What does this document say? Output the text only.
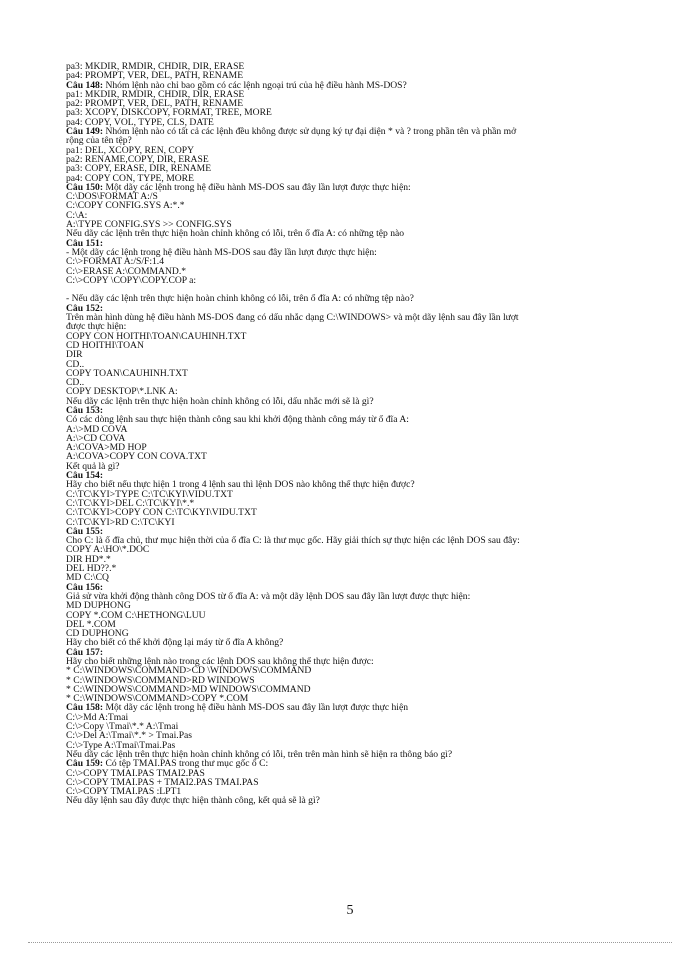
pa3: MKDIR, RMDIR, CHDIR, DIR, ERASE
pa4: PROMPT, VER, DEL, PATH, RENAME
Câu 148: Nhóm lệnh nào chỉ bao gồm có các lệnh ngoại trú của hệ điều hành MS-DOS?
pa1: MKDIR, RMDIR, CHDIR, DIR, ERASE
pa2: PROMPT, VER, DEL, PATH, RENAME
pa3: XCOPY, DISKCOPY, FORMAT, TREE, MORE
pa4: COPY, VOL, TYPE, CLS, DATE
Câu 149: Nhóm lệnh nào có tất cả các lệnh đều không được sử dụng ký tự đại diện * và ? trong phần tên và phần mở
rộng của tên tệp?
pa1: DEL, XCOPY, REN, COPY
pa2: RENAME,COPY, DIR, ERASE
pa3: COPY, ERASE, DIR, RENAME
pa4: COPY CON, TYPE, MORE
Câu 150: Một dãy các lệnh trong hệ điều hành MS-DOS sau đây lần lượt được thực hiện:
C:\DOS\FORMAT A:/S
C:\COPY CONFIG.SYS A:*.*
C:\A:
A:\TYPE CONFIG.SYS >> CONFIG.SYS
Nếu dãy các lệnh trên thực hiện hoàn chỉnh không có lỗi, trên ổ đĩa A: có những tệp nào
Câu 151:
- Một dãy các lệnh trong hệ điều hành MS-DOS sau đây lần lượt được thực hiện:
C:\>FORMAT A:/S/F:1.4
C:\>ERASE A:\COMMAND.*
C:\>COPY \COPY\COPY.COP a:

- Nếu dãy các lệnh trên thực hiện hoàn chỉnh không có lỗi, trên ổ đĩa A: có những tệp nào?
Câu 152:
Trên màn hình dùng hệ điều hành MS-DOS đang có dấu nhắc dạng C:\WINDOWS> và một dãy lệnh sau đây lần lượt
được thực hiện:
COPY CON HOITHI\TOAN\CAUHINH.TXT
CD HOITHI\TOAN
DIR
CD..
COPY TOAN\CAUHINH.TXT
CD..
COPY DESKTOP\*.LNK A:
Nếu dãy các lệnh trên thực hiện hoàn chỉnh không có lỗi, dấu nhắc mới sẽ là gì?
Câu 153:
Có các dòng lệnh sau thực hiện thành công sau khi khởi động thành công máy từ ổ đĩa A:
A:\>MD COVA
A:\>CD COVA
A:\COVA>MD HOP
A:\COVA>COPY CON COVA.TXT
Kết quả là gì?
Câu 154:
Hãy cho biết nếu thực hiện 1 trong 4 lệnh sau thì lệnh DOS nào không thể thực hiện được?
C:\TC\KYI>TYPE C:\TC\KYI\VIDU.TXT
C:\TC\KYI>DEL C:\TC\KYI\*.*
C:\TC\KYI>COPY CON C:\TC\KYI\VIDU.TXT
C:\TC\KYI>RD C:\TC\KYI
Câu 155:
Cho C: là ổ đĩa chủ, thư mục hiện thời của ổ đĩa C: là thư mục gốc. Hãy giải thích sự thực hiện các lệnh DOS sau đây:
COPY A:\HO\*.DOC
DIR HD*.*
DEL HD??.*
MD C:\CQ
Câu 156:
Giả sử vừa khởi động thành công DOS từ ổ đĩa A: và một dãy lệnh DOS sau đây lần lượt được thực hiện:
MD DUPHONG
COPY *.COM C:\HETHONG\LUU
DEL *.COM
CD DUPHONG
Hãy cho biết có thể khởi động lại máy từ ổ đĩa A không?
Câu 157:
Hãy cho biết những lệnh nào trong các lệnh DOS sau không thể thực hiện được:
* C:\WINDOWS\COMMAND>CD \WINDOWS\COMMAND
* C:\WINDOWS\COMMAND>RD WINDOWS
* C:\WINDOWS\COMMAND>MD WINDOWS\COMMAND
* C:\WINDOWS\COMMAND>COPY *.COM
Câu 158: Một dãy các lệnh trong hệ điều hành MS-DOS sau đây lần lượt được thực hiện
C:\>Md A:Tmai
C:\>Copy \Tmai\*.* A:\Tmai
C:\>Del A:\Tmai\*.* > Tmai.Pas
C:\>Type A:\Tmai\Tmai.Pas
Nếu dãy các lệnh trên thực hiện hoàn chỉnh không có lỗi, trên trên màn hình sẽ hiện ra thông báo gì?
Câu 159: Có tệp TMAI.PAS trong thư mục gốc ổ C:
C:\>COPY TMAI.PAS TMAI2.PAS
C:\>COPY TMAI.PAS + TMAI2.PAS TMAI.PAS
C:\>COPY TMAI.PAS :LPT1
Nếu dãy lệnh sau đây được thực hiện thành công, kết quả sẽ là gì?
5
